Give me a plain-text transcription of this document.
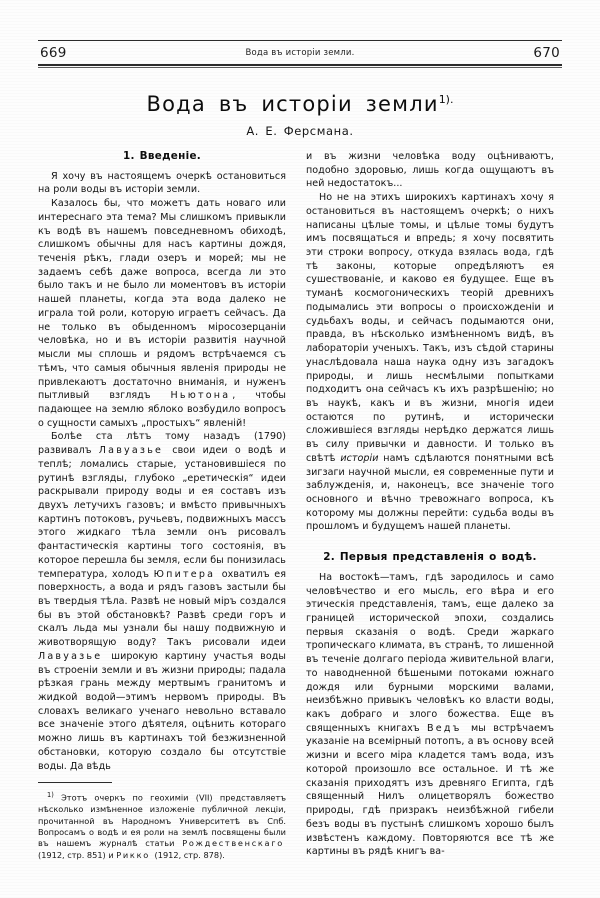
669	Вода въ исторіи земли.	670
Вода въ исторіи земли$^{1).}$
А. Е. Ферсмана.
1. Введеніе.

Я хочу въ настоящемъ очеркѣ остановиться на роли воды въ исторіи земли.

Казалось бы, что можетъ дать новаго или интереснаго эта тема? Мы слишкомъ привыкли къ водѣ въ нашемъ повседневномъ обиходѣ, слишкомъ обычны для насъ картины дождя, теченія рѣкъ, глади озеръ и морей; мы не задаемъ себѣ даже вопроса, всегда ли это было такъ и не было ли моментовъ въ исторіи нашей планеты, когда эта вода далеко не играла той роли, которую играетъ сейчасъ. Да не только въ обыденномъ міросозерцаніи человѣка, но и въ исторіи развитія научной мысли мы сплошь и рядомъ встрѣчаемся съ тѣмъ, что самыя обычныя явленія природы не привлекаютъ достаточно вниманія, и нуженъ пытливый взглядъ Ньютона , чтобы падающее на землю яблоко возбудило вопросъ о сущности самыхъ „простыхъ“ явленій!

Болѣе ста лѣтъ тому назадъ (1790) развивалъ Лавуазье свои идеи о водѣ и теплѣ; ломались старые, установившіеся по рутинѣ взгляды, глубоко „еретическія“ идеи раскрывали природу воды и ея составъ изъ двухъ летучихъ газовъ; и вмѣсто привычныхъ картинъ потоковъ, ручьевъ, подвижныхъ массъ этого жидкаго тѣла земли онъ рисовалъ фантастическія картины того состоянія, въ которое перешла бы земля, если бы понизилась температура, холодъ Юпитера охватилъ ея поверхность, а вода и рядъ газовъ застыли бы въ твердыя тѣла. Развѣ не новый міръ создался бы въ этой обстановкѣ? Развѣ среди горъ и скалъ льда мы узнали бы нашу подвижную и животворящую воду? Такъ рисовали идеи Лавуазье широкую картину участья воды въ строеніи земли и въ жизни природы; падала рѣзкая грань между мертвымъ гранитомъ и жидкой водой—этимъ нервомъ природы. Въ словахъ великаго ученаго невольно вставало все значеніе этого дѣятеля, оцѣнить котораго можно лишь въ картинахъ той безжизненной обстановки, которую создало бы отсутствіе воды. Да вѣдь

и въ жизни человѣка воду оцѣниваютъ, подобно здоровью, лишь когда ощущаютъ въ ней недостатокъ...

Но не на этихъ широкихъ картинахъ хочу я остановиться въ настоящемъ очеркѣ; о нихъ написаны цѣлые томы, и цѣлые томы будутъ имъ посвящаться и впредь; я хочу посвятить эти строки вопросу, откуда взялась вода, гдѣ тѣ законы, которые опредѣляютъ ея сушествованіе, и каково ея будущее. Еще въ туманѣ космогоническихъ теорій древнихъ подымались эти вопросы о происхожденіи и судьбахъ воды, и сейчасъ подымаются они, правда, въ нѣсколько измѣненномъ видѣ, въ лабораторіи ученыхъ. Такъ, изъ сѣдой старины унаслѣдовала наша наука одну изъ загадокъ природы, и лишь несмѣлыми попытками подходитъ она сейчасъ къ ихъ разрѣшенію; но въ наукѣ, какъ и въ жизни, многія идеи остаются по рутинѣ, и исторически сложившіеся взгляды нерѣдко держатся лишь въ силу привычки и давности. И только въ свѣтѣ исторіи намъ сдѣлаются понятными всѣ зигзаги научной мысли, ея современные пути и заблужденія, и, наконецъ, все значеніе того основного и вѣчно тревожнаго вопроса, къ которому мы должны перейти: судьба воды въ прошломъ и будущемъ нашей планеты.

2. Первыя представленія о водѣ.

На востокѣ—тамъ, гдѣ зародилось и само человѣчество и его мысль, его вѣра и его этическія представленія, тамъ, еще далеко за границей исторической эпохи, создались первыя сказанія о водѣ. Среди жаркаго тропическаго климата, въ странѣ, то лишенной въ теченіе долгаго періода живительной влаги, то наводненной бѣшеными потоками южнаго дождя или бурными морскими валами, неизбѣжно привыкъ человѣкъ ко власти воды, какъ добраго и злого божества. Еще въ священныхъ книгахъ Ведъ мы встрѣчаемъ указаніе на всемірный потопъ, а въ основу всей жизни и всего міра кладется тамъ вода, изъ которой произошло все остальное. И тѣ же сказанія приходятъ изъ древняго Египта, гдѣ священный Нилъ олицетворялъ божество природы, гдѣ призракъ неизбѣжной гибели безъ воды въ пустынѣ слишкомъ хорошо былъ извѣстенъ каждому. Повторяются все тѣ же картины въ рядѣ книгъ ва-

$^{1)}$ Этотъ очеркъ по геохиміи (VII) представляетъ нѣсколько измѣненное изложеніе публичной лекціи, прочитанной въ Народномъ Университетѣ въ Спб. Вопросамъ о водѣ и ея роли на землѣ посвящены были въ нашемъ журналѣ статьи Рождественскаго (1912, стр. 851) и Рикко (1912, стр. 878).
